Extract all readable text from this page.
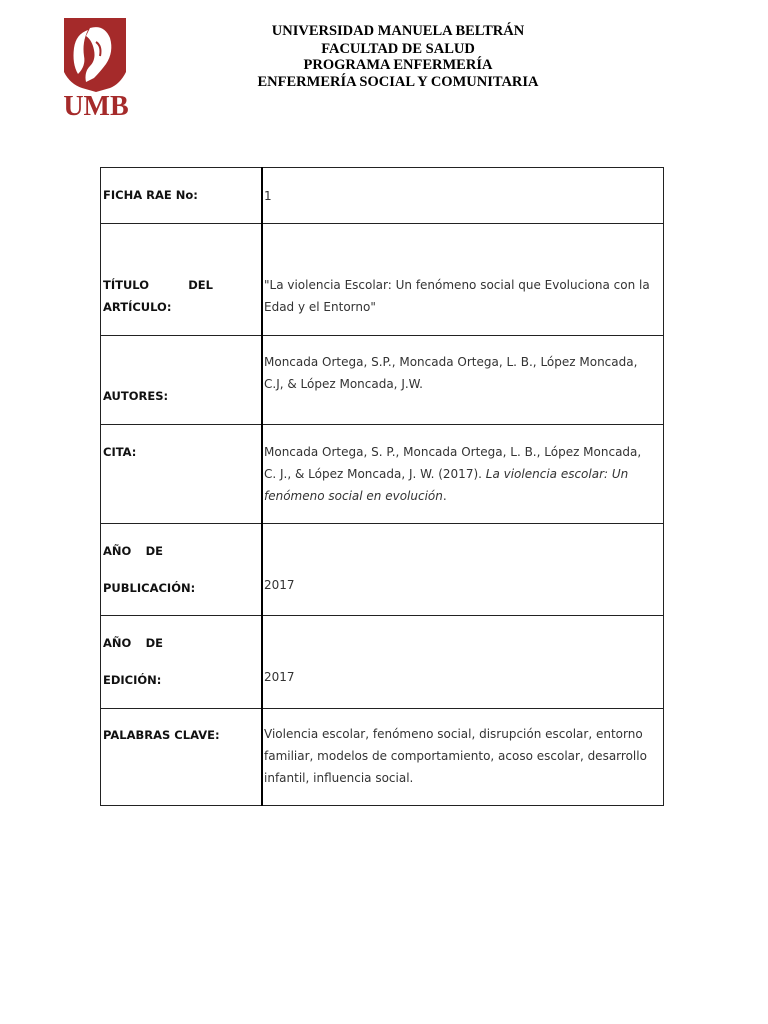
UMB
UNIVERSIDAD MANUELA BELTRÁN
FACULTAD DE SALUD
PROGRAMA ENFERMERÍA
ENFERMERÍA SOCIAL Y COMUNITARIA
FICHA RAE No:	1

TÍTULO DEL
ARTÍCULO:	"La violencia Escolar: Un fenómeno social que Evoluciona con la Edad y el Entorno"

AUTORES:	Moncada Ortega, S.P., Moncada Ortega, L. B., López Moncada, C.J, & López Moncada, J.W.

CITA:	Moncada Ortega, S. P., Moncada Ortega, L. B., López Moncada, C. J., & López Moncada, J. W. (2017). La violencia escolar: Un fenómeno social en evolución.

AÑO DE
PUBLICACIÓN:	2017

AÑO DE
EDICIÓN:	2017

PALABRAS CLAVE:	Violencia escolar, fenómeno social, disrupción escolar, entorno familiar, modelos de comportamiento, acoso escolar, desarrollo infantil, influencia social.
